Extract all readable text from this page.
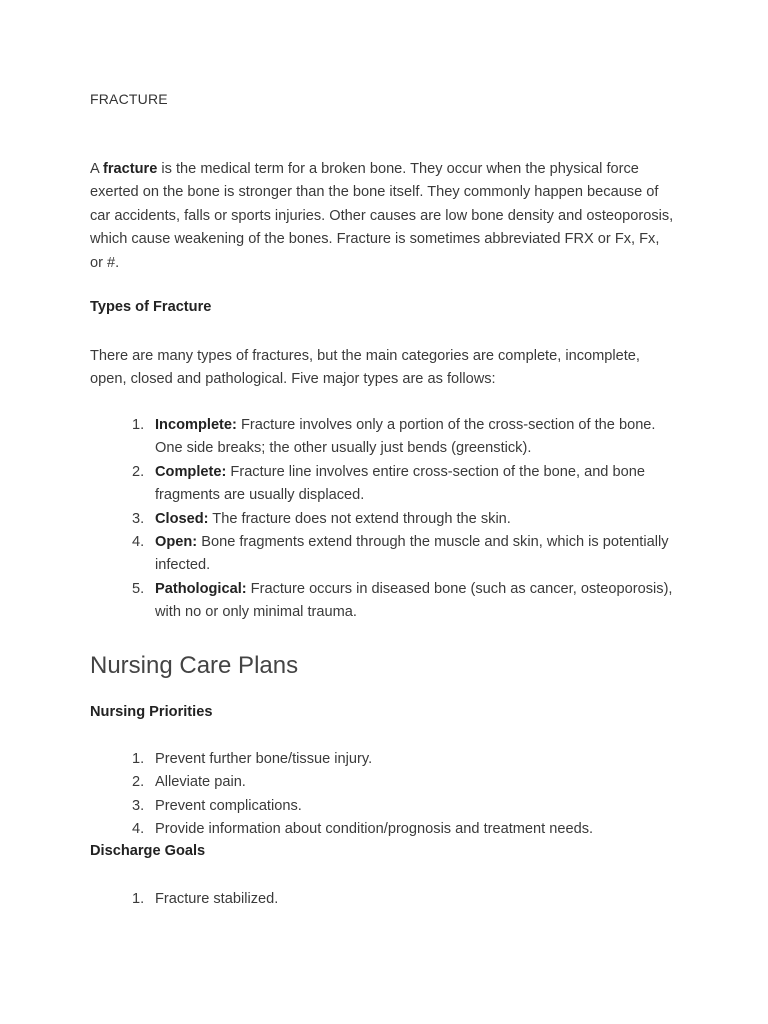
FRACTURE

A fracture is the medical term for a broken bone. They occur when the physical force exerted on the bone is stronger than the bone itself. They commonly happen because of car accidents, falls or sports injuries. Other causes are low bone density and osteoporosis, which cause weakening of the bones. Fracture is sometimes abbreviated FRX or Fx, Fx, or #.

Types of Fracture

There are many types of fractures, but the main categories are complete, incomplete, open, closed and pathological. Five major types are as follows:

1. Incomplete: Fracture involves only a portion of the cross-section of the bone. One side breaks; the other usually just bends (greenstick).
2. Complete: Fracture line involves entire cross-section of the bone, and bone fragments are usually displaced.
3. Closed: The fracture does not extend through the skin.
4. Open: Bone fragments extend through the muscle and skin, which is potentially infected.
5. Pathological: Fracture occurs in diseased bone (such as cancer, osteoporosis), with no or only minimal trauma.
Nursing Care Plans

Nursing Priorities

1. Prevent further bone/tissue injury.
2. Alleviate pain.
3. Prevent complications.
4. Provide information about condition/prognosis and treatment needs.

Discharge Goals

1. Fracture stabilized.
